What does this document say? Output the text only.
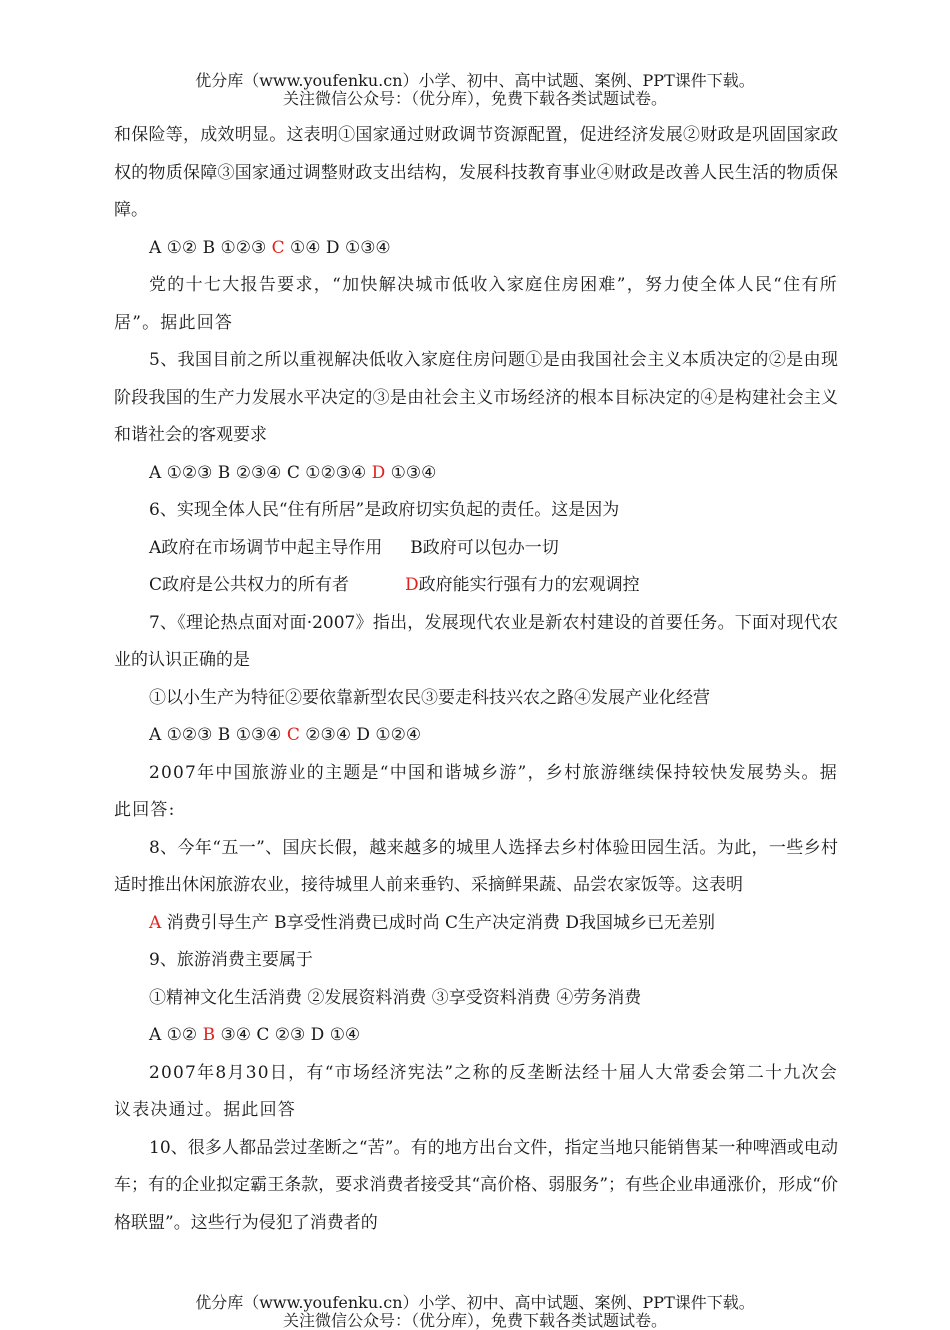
优分库（www.youfenku.cn）小学、初中、高中试题、案例、PPT课件下载。
关注微信公众号：（优分库），免费下载各类试题试卷。

和保险等，成效明显。这表明①国家通过财政调节资源配置，促进经济发展②财政是巩固国家政权的物质保障③国家通过调整财政支出结构，发展科技教育事业④财政是改善人民生活的物质保障。

A ①② B ①②③ C ①④ D ①③④

党的十七大报告要求，“加快解决城市低收入家庭住房困难”，努力使全体人民“住有所居”。据此回答

5、我国目前之所以重视解决低收入家庭住房问题①是由我国社会主义本质决定的②是由现阶段我国的生产力发展水平决定的③是由社会主义市场经济的根本目标决定的④是构建社会主义和谐社会的客观要求

A ①②③ B ②③④ C ①②③④ D ①③④

6、实现全体人民“住有所居”是政府切实负起的责任。这是因为

A政府在市场调节中起主导作用 B政府可以包办一切

C政府是公共权力的所有者	D政府能实行强有力的宏观调控

7、《理论热点面对面·2007》指出，发展现代农业是新农村建设的首要任务。下面对现代农业的认识正确的是

①以小生产为特征②要依靠新型农民③要走科技兴农之路④发展产业化经营

A ①②③ B ①③④ C ②③④ D ①②④

2007年中国旅游业的主题是“中国和谐城乡游”，乡村旅游继续保持较快发展势头。据此回答:

8、今年“五一”、国庆长假，越来越多的城里人选择去乡村体验田园生活。为此，一些乡村适时推出休闲旅游农业，接待城里人前来垂钓、采摘鲜果蔬、品尝农家饭等。这表明

A 消费引导生产 B享受性消费已成时尚 C生产决定消费 D我国城乡已无差别

9、旅游消费主要属于

①精神文化生活消费 ②发展资料消费 ③享受资料消费 ④劳务消费

A ①② B ③④ C ②③ D ①④

2007年8月30日，有“市场经济宪法”之称的反垄断法经十届人大常委会第二十九次会议表决通过。据此回答

10、很多人都品尝过垄断之“苦”。有的地方出台文件，指定当地只能销售某一种啤酒或电动车；有的企业拟定霸王条款，要求消费者接受其“高价格、弱服务”；有些企业串通涨价，形成“价格联盟”。这些行为侵犯了消费者的

优分库（www.youfenku.cn）小学、初中、高中试题、案例、PPT课件下载。
关注微信公众号：（优分库），免费下载各类试题试卷。
